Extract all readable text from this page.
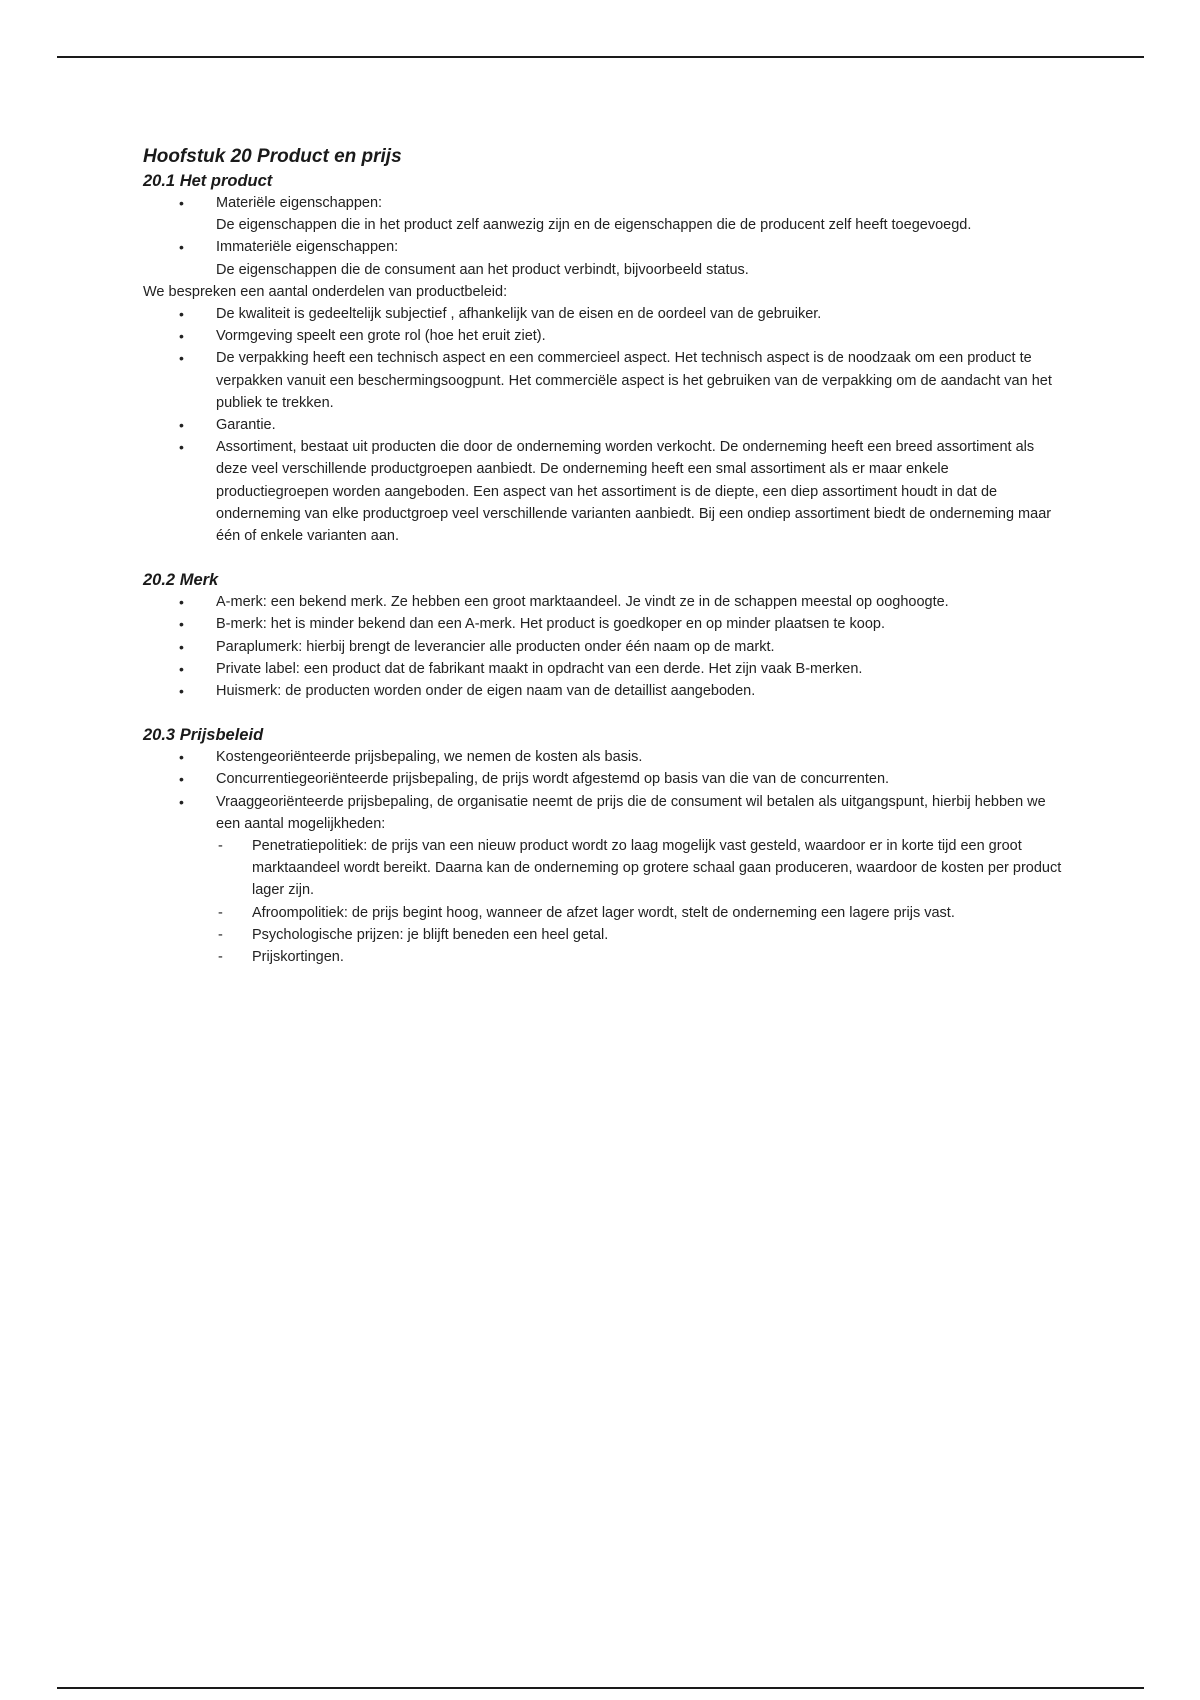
Hoofstuk 20 Product en prijs
20.1 Het product
• Materiële eigenschappen:
De eigenschappen die in het product zelf aanwezig zijn en de eigenschappen die de producent zelf heeft toegevoegd.
• Immateriële eigenschappen:
De eigenschappen die de consument aan het product verbindt, bijvoorbeeld status.

We bespreken een aantal onderdelen van productbeleid:

• De kwaliteit is gedeeltelijk subjectief , afhankelijk van de eisen en de oordeel van de gebruiker.
• Vormgeving speelt een grote rol (hoe het eruit ziet).
• De verpakking heeft een technisch aspect en een commercieel aspect. Het technisch aspect is de noodzaak om een product te verpakken vanuit een beschermingsoogpunt. Het commerciële aspect is het gebruiken van de verpakking om de aandacht van het publiek te trekken.
• Garantie.
• Assortiment, bestaat uit producten die door de onderneming worden verkocht. De onderneming heeft een breed assortiment als deze veel verschillende productgroepen aanbiedt. De onderneming heeft een smal assortiment als er maar enkele productiegroepen worden aangeboden. Een aspect van het assortiment is de diepte, een diep assortiment houdt in dat de onderneming van elke productgroep veel verschillende varianten aanbiedt. Bij een ondiep assortiment biedt de onderneming maar één of enkele varianten aan.
20.2 Merk
• A-merk: een bekend merk. Ze hebben een groot marktaandeel. Je vindt ze in de schappen meestal op ooghoogte.
• B-merk: het is minder bekend dan een A-merk. Het product is goedkoper en op minder plaatsen te koop.
• Paraplumerk: hierbij brengt de leverancier alle producten onder één naam op de markt.
• Private label: een product dat de fabrikant maakt in opdracht van een derde. Het zijn vaak B-merken.
• Huismerk: de producten worden onder de eigen naam van de detaillist aangeboden.
20.3 Prijsbeleid
• Kostengeoriënteerde prijsbepaling, we nemen de kosten als basis.
• Concurrentiegeoriënteerde prijsbepaling, de prijs wordt afgestemd op basis van die van de concurrenten.
• Vraaggeoriënteerde prijsbepaling, de organisatie neemt de prijs die de consument wil betalen als uitgangspunt, hierbij hebben we een aantal mogelijkheden:
- Penetratiepolitiek: de prijs van een nieuw product wordt zo laag mogelijk vast gesteld, waardoor er in korte tijd een groot marktaandeel wordt bereikt. Daarna kan de onderneming op grotere schaal gaan produceren, waardoor de kosten per product lager zijn.
- Afroompolitiek: de prijs begint hoog, wanneer de afzet lager wordt, stelt de onderneming een lagere prijs vast.
- Psychologische prijzen: je blijft beneden een heel getal.
- Prijskortingen.
